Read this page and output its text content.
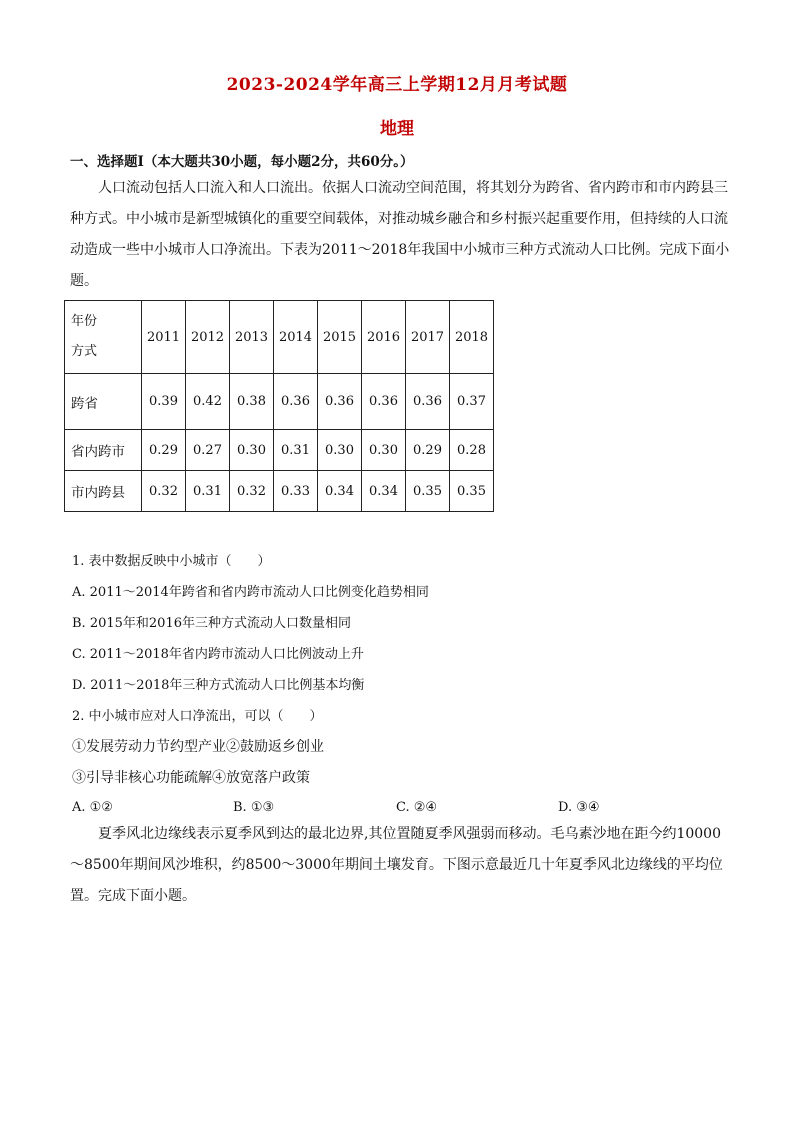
2023-2024学年高三上学期12月月考试题
地理
一、选择题Ⅰ（本大题共30小题，每小题2分，共60分。）
人口流动包括人口流入和人口流出。依据人口流动空间范围，将其划分为跨省、省内跨市和市内跨县三种方式。中小城市是新型城镇化的重要空间载体，对推动城乡融合和乡村振兴起重要作用，但持续的人口流动造成一些中小城市人口净流出。下表为2011～2018年我国中小城市三种方式流动人口比例。完成下面小题。
年份
方式	2011	2012	2013	2014	2015	2016	2017	2018
跨省	0.39	0.42	0.38	0.36	0.36	0.36	0.36	0.37
省内跨市	0.29	0.27	0.30	0.31	0.30	0.30	0.29	0.28
市内跨县	0.32	0.31	0.32	0.33	0.34	0.34	0.35	0.35
1. 表中数据反映中小城市（　　）
A. 2011～2014年跨省和省内跨市流动人口比例变化趋势相同
B. 2015年和2016年三种方式流动人口数量相同
C. 2011～2018年省内跨市流动人口比例波动上升
D. 2011～2018年三种方式流动人口比例基本均衡
2. 中小城市应对人口净流出，可以（　　）
①发展劳动力节约型产业②鼓励返乡创业
③引导非核心功能疏解④放宽落户政策
A. ①②	B. ①③	C. ②④	D. ③④
夏季风北边缘线表示夏季风到达的最北边界,其位置随夏季风强弱而移动。毛乌素沙地在距今约10000～8500年期间风沙堆积，约8500～3000年期间土壤发育。下图示意最近几十年夏季风北边缘线的平均位置。完成下面小题。
